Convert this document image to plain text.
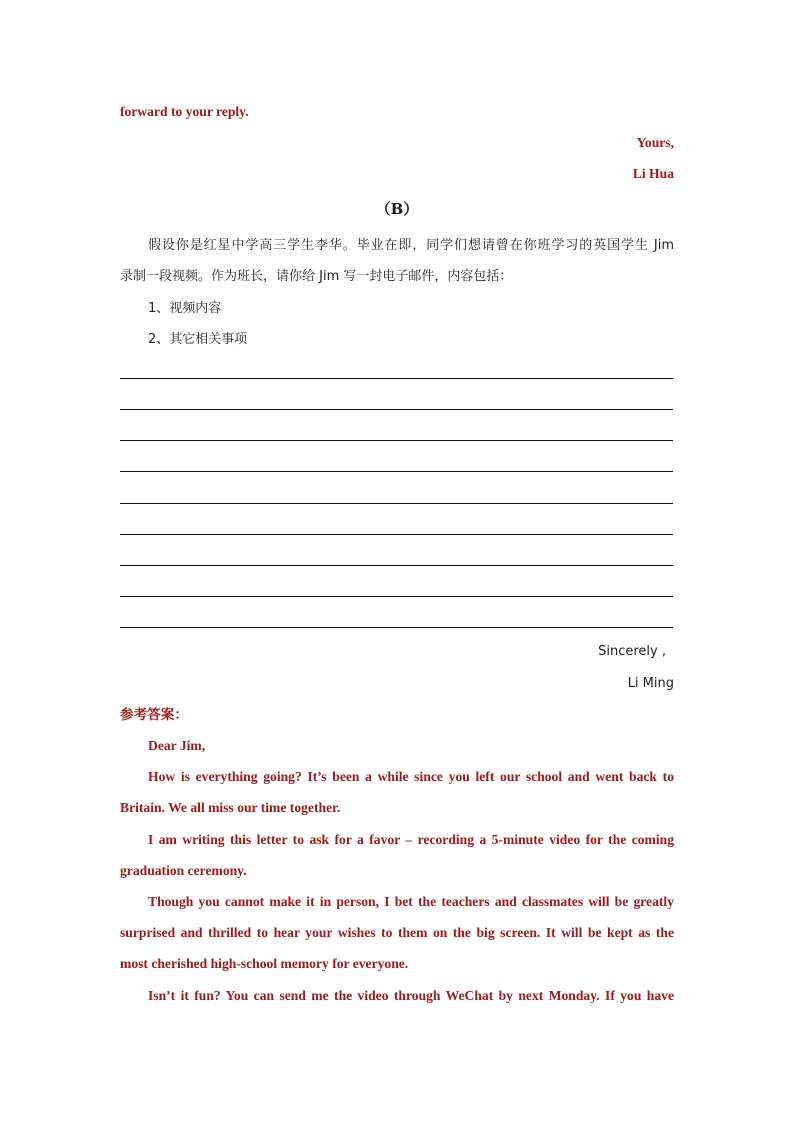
forward to your reply.

Yours,

Li Hua

（B）

假设你是红星中学高三学生李华。毕业在即，同学们想请曾在你班学习的英国学生 Jim

录制一段视频。作为班长，请你给 Jim 写一封电子邮件，内容包括：

1、视频内容

2、其它相关事项

Sincerely ,

Li Ming

参考答案：

Dear Jim,

How is everything going? It’s been a while since you left our school and went back to

Britain. We all miss our time together.

I am writing this letter to ask for a favor – recording a 5-minute video for the coming

graduation ceremony.

Though you cannot make it in person, I bet the teachers and classmates will be greatly

surprised and thrilled to hear your wishes to them on the big screen. It will be kept as the

most cherished high-school memory for everyone.

Isn’t it fun? You can send me the video through WeChat by next Monday. If you have
